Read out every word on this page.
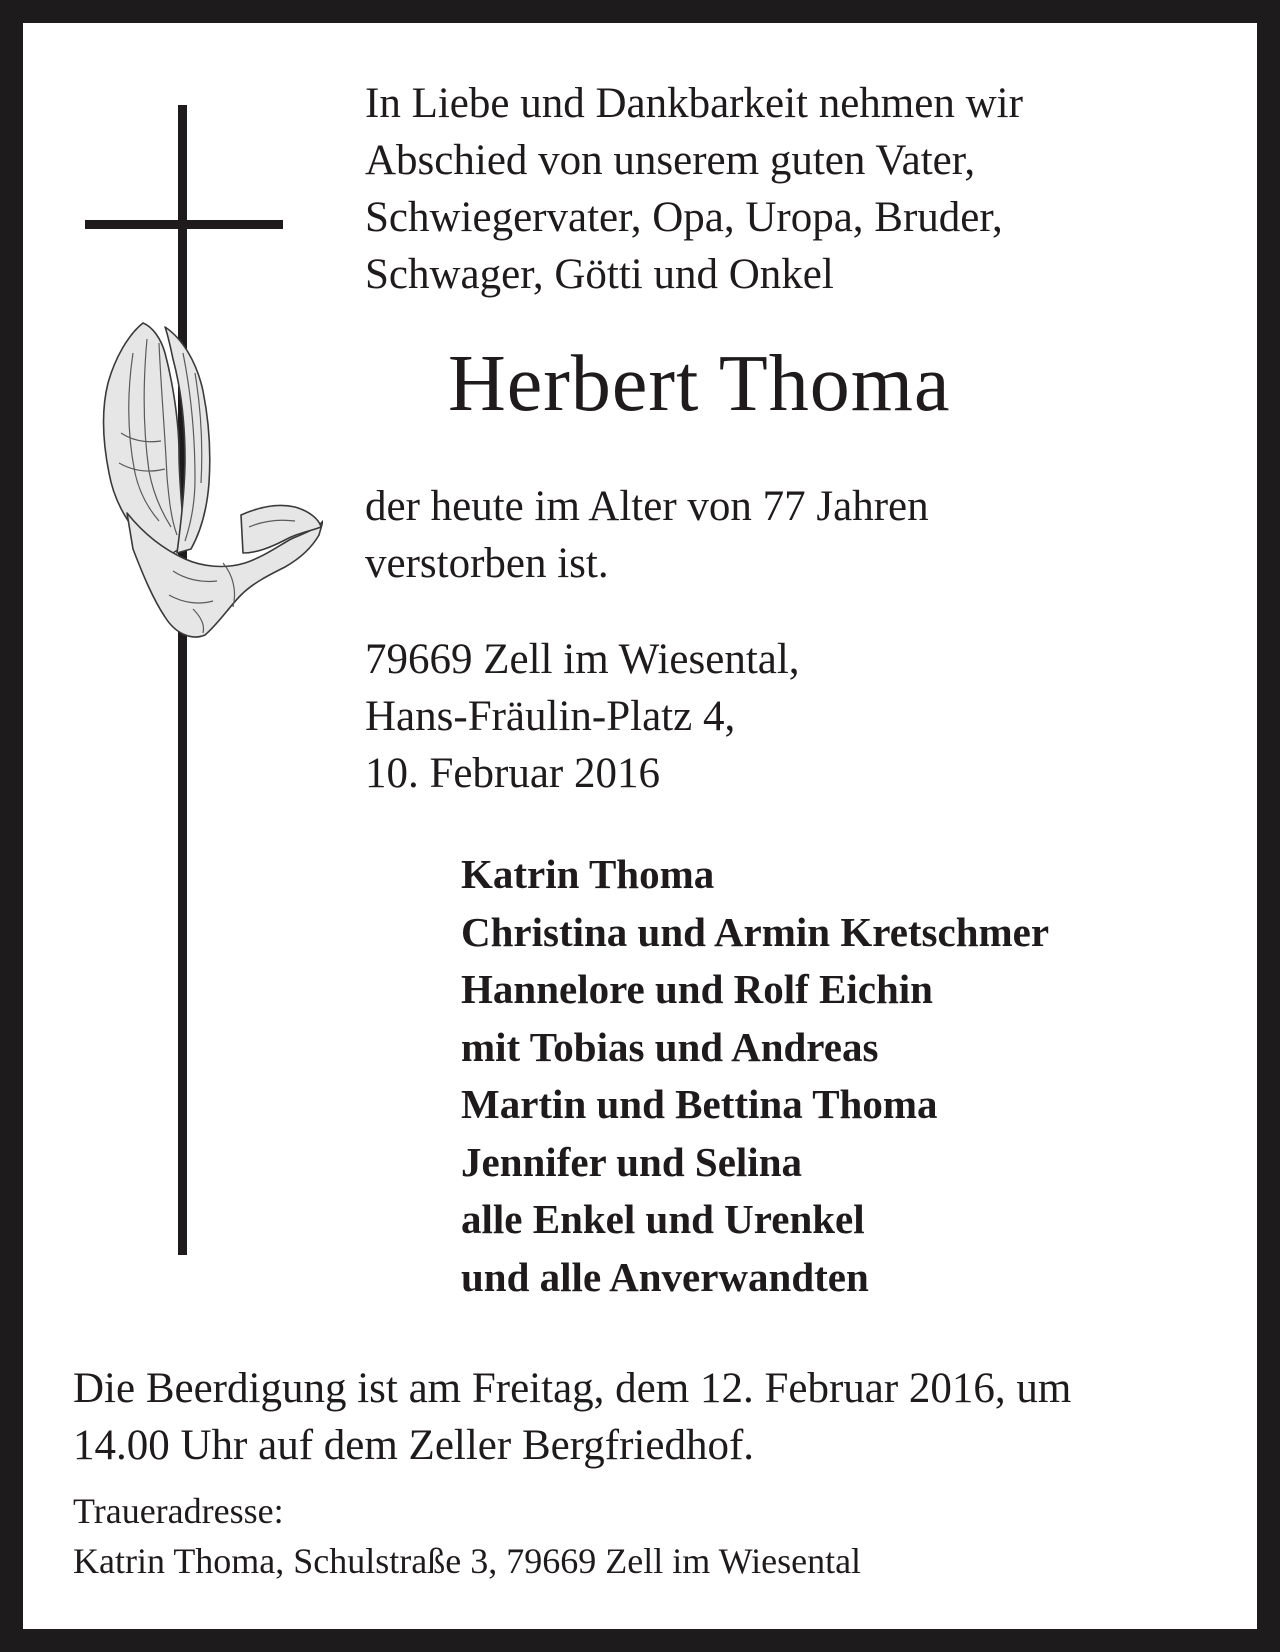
In Liebe und Dankbarkeit nehmen wir
Abschied von unserem guten Vater,
Schwiegervater, Opa, Uropa, Bruder,
Schwager, Götti und Onkel
Herbert Thoma
der heute im Alter von 77 Jahren
verstorben ist.
79669 Zell im Wiesental,
Hans-Fräulin-Platz 4,
10. Februar 2016
Katrin Thoma
Christina und Armin Kretschmer
Hannelore und Rolf Eichin
mit Tobias und Andreas
Martin und Bettina Thoma
Jennifer und Selina
alle Enkel und Urenkel
und alle Anverwandten
Die Beerdigung ist am Freitag, dem 12. Februar 2016, um
14.00 Uhr auf dem Zeller Bergfriedhof.
Traueradresse:
Katrin Thoma, Schulstraße 3, 79669 Zell im Wiesental
